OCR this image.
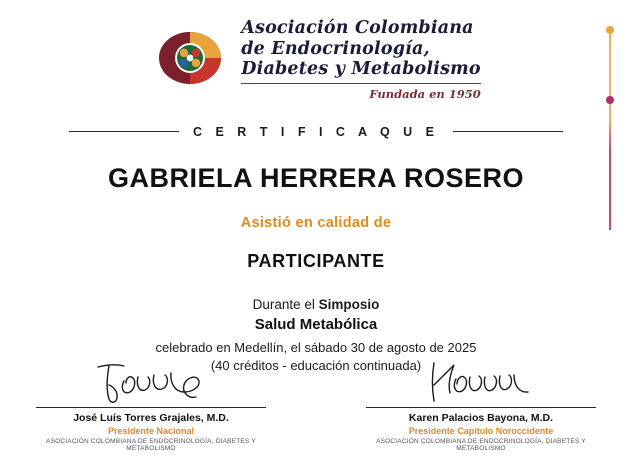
Asociación Colombiana
de Endocrinología,
Diabetes y Metabolismo
Fundada en 1950
C E R T I F I C A Q U E
GABRIELA HERRERA ROSERO
Asistió en calidad de
PARTICIPANTE
Durante el Simposio
Salud Metabólica
celebrado en Medellín, el sábado 30 de agosto de 2025
(40 créditos - educación continuada)
José Luís Torres Grajales, M.D.
Presidente Nacional
ASOCIACIÓN COLOMBIANA DE ENDOCRINOLOGÍA, DIABETES Y METABOLISMO
Karen Palacios Bayona, M.D.
Presidente Capítulo Noroccidente
ASOCIACIÓN COLOMBIANA DE ENDOCRINOLOGÍA, DIABETES Y METABOLISMO
